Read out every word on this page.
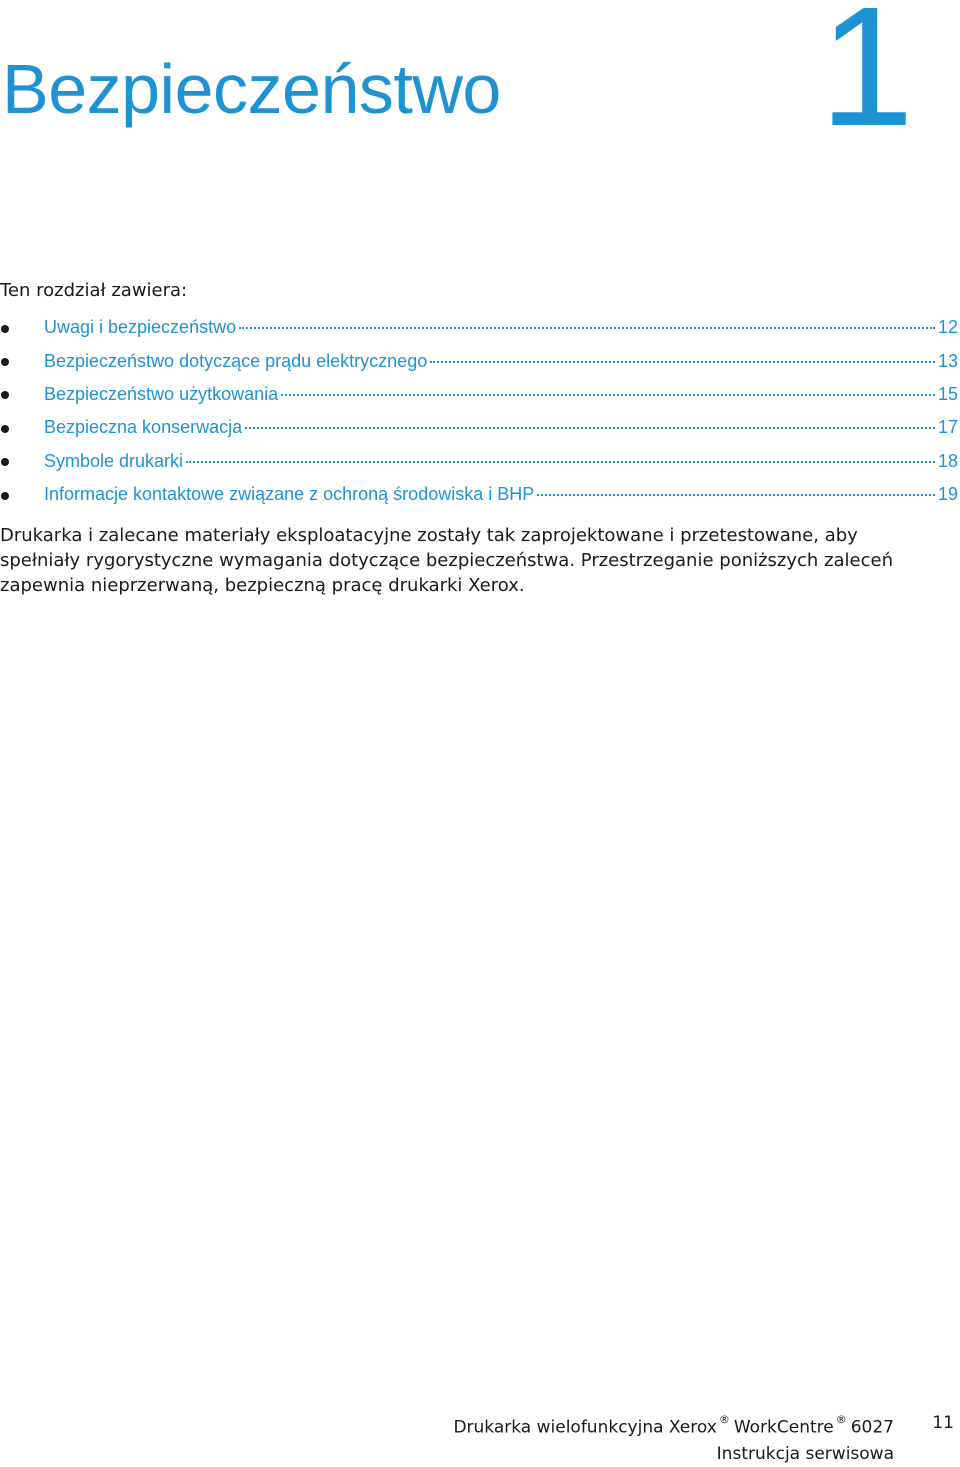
Bezpieczeństwo 1

Ten rozdział zawiera:

Uwagi i bezpieczeństwo	12
Bezpieczeństwo dotyczące prądu elektrycznego	13
Bezpieczeństwo użytkowania	15
Bezpieczna konserwacja	17
Symbole drukarki	18
Informacje kontaktowe związane z ochroną środowiska i BHP	19

Drukarka i zalecane materiały eksploatacyjne zostały tak zaprojektowane i przetestowane, aby spełniały rygorystyczne wymagania dotyczące bezpieczeństwa. Przestrzeganie poniższych zaleceń zapewnia nieprzerwaną, bezpieczną pracę drukarki Xerox.

Drukarka wielofunkcyjna Xerox ® WorkCentre ® 6027
Instrukcja serwisowa
11
